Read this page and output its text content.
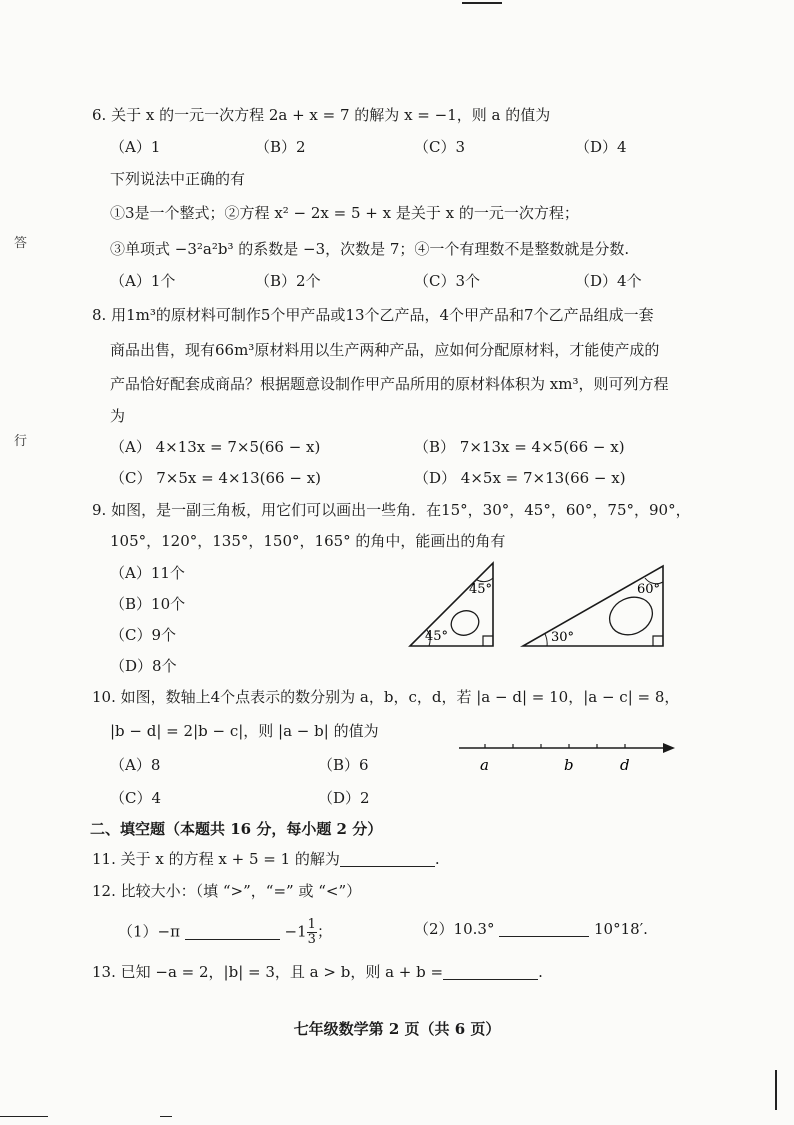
答
行
6. 关于 x 的一元一次方程 2a + x = 7 的解为 x = −1，则 a 的值为
（A）1	（B）2	（C）3	（D）4
下列说法中正确的有
①3是一个整式；②方程 x² − 2x = 5 + x 是关于 x 的一元一次方程；
③单项式 −3²a²b³ 的系数是 −3，次数是 7；④一个有理数不是整数就是分数.
（A）1个	（B）2个	（C）3个	（D）4个
8. 用1m³的原材料可制作5个甲产品或13个乙产品，4个甲产品和7个乙产品组成一套
商品出售，现有66m³原材料用以生产两种产品，应如何分配原材料，才能使产成的
产品恰好配套成商品？根据题意设制作甲产品所用的原材料体积为 xm³，则可列方程
为
（A） 4×13x = 7×5(66 − x)	（B） 7×13x = 4×5(66 − x)
（C） 7×5x = 4×13(66 − x)	（D） 4×5x = 7×13(66 − x)
9. 如图，是一副三角板，用它们可以画出一些角．在15°，30°，45°，60°，75°，90°，
105°，120°，135°，150°，165° 的角中，能画出的角有
（A）11个
（B）10个
（C）9个
（D）8个
45°
45°
60°
30°
10. 如图，数轴上4个点表示的数分别为 a，b，c，d，若 |a − d| = 10，|a − c| = 8，
|b − d| = 2|b − c|，则 |a − b| 的值为
（A）8	（B）6
（C）4	（D）2
a	b	d
二、填空题（本题共 16 分，每小题 2 分）
11. 关于 x 的方程 x + 5 = 1 的解为	.
12. 比较大小：（填 “>”，“=” 或 “<”）
（1）−π	$-1 \frac{1}{3}$ ；	（2）10.3°	10°18′.
13. 已知 −a = 2，|b| = 3，且 a > b，则 a + b =	.
七年级数学第 2 页（共 6 页）
